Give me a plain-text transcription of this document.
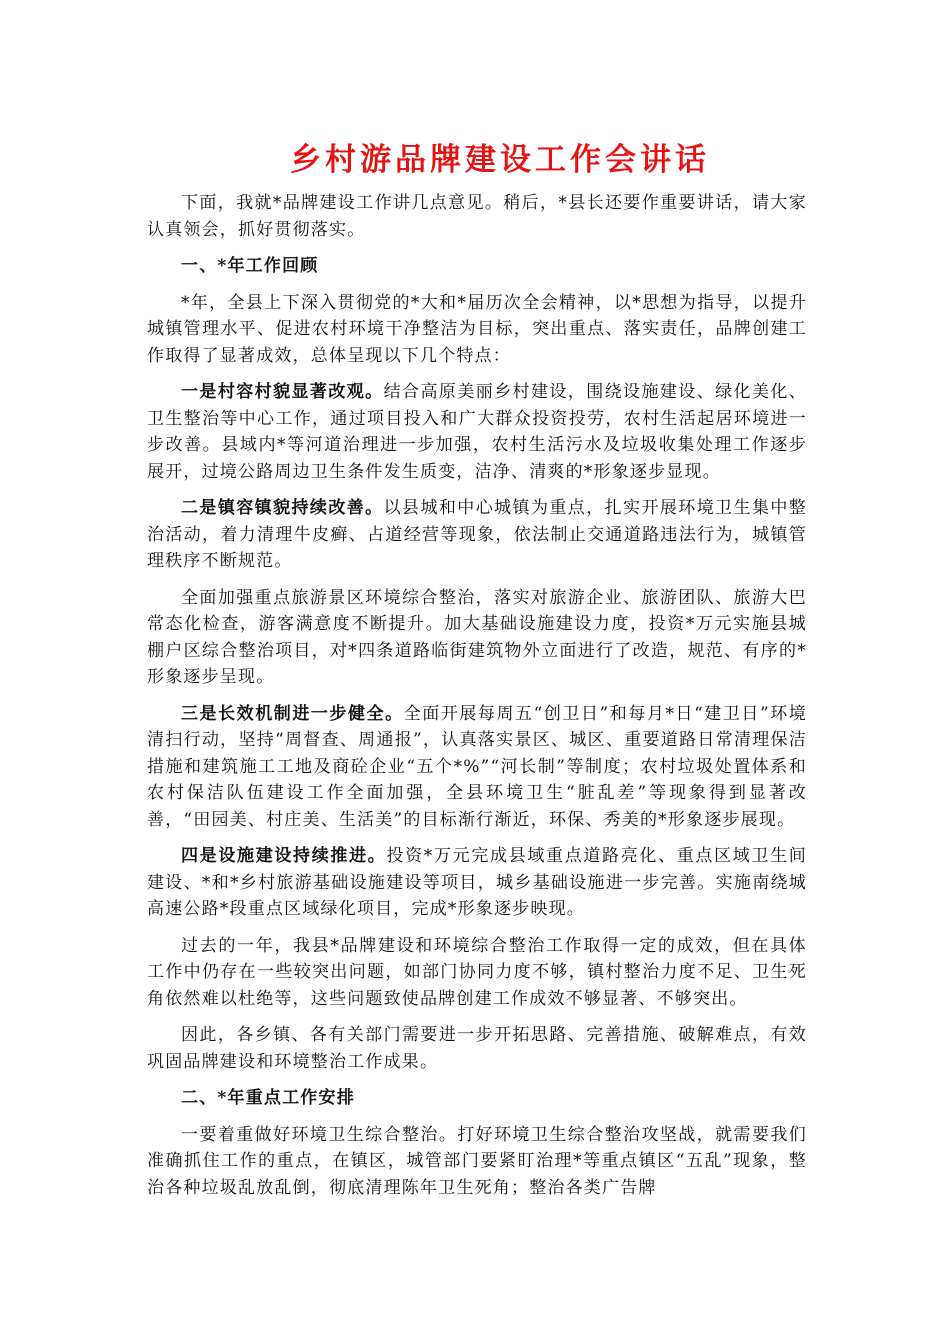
乡村游品牌建设工作会讲话

下面，我就*品牌建设工作讲几点意见。稍后，*县长还要作重要讲话，请大家认真领会，抓好贯彻落实。

一、*年工作回顾

*年，全县上下深入贯彻党的*大和*届历次全会精神，以*思想为指导，以提升城镇管理水平、促进农村环境干净整洁为目标，突出重点、落实责任，品牌创建工作取得了显著成效，总体呈现以下几个特点：

一是村容村貌显著改观。结合高原美丽乡村建设，围绕设施建设、绿化美化、卫生整治等中心工作，通过项目投入和广大群众投资投劳，农村生活起居环境进一步改善。县域内*等河道治理进一步加强，农村生活污水及垃圾收集处理工作逐步展开，过境公路周边卫生条件发生质变，洁净、清爽的*形象逐步显现。

二是镇容镇貌持续改善。以县城和中心城镇为重点，扎实开展环境卫生集中整治活动，着力清理牛皮癣、占道经营等现象，依法制止交通道路违法行为，城镇管理秩序不断规范。

全面加强重点旅游景区环境综合整治，落实对旅游企业、旅游团队、旅游大巴常态化检查，游客满意度不断提升。加大基础设施建设力度，投资*万元实施县城棚户区综合整治项目，对*四条道路临街建筑物外立面进行了改造，规范、有序的*形象逐步呈现。

三是长效机制进一步健全。全面开展每周五“创卫日”和每月*日“建卫日”环境清扫行动，坚持“周督查、周通报”，认真落实景区、城区、重要道路日常清理保洁措施和建筑施工工地及商砼企业“五个*%”“河长制”等制度；农村垃圾处置体系和农村保洁队伍建设工作全面加强，全县环境卫生“脏乱差”等现象得到显著改善，“田园美、村庄美、生活美”的目标渐行渐近，环保、秀美的*形象逐步展现。

四是设施建设持续推进。投资*万元完成县域重点道路亮化、重点区域卫生间建设、*和*乡村旅游基础设施建设等项目，城乡基础设施进一步完善。实施南绕城高速公路*段重点区域绿化项目，完成*形象逐步映现。

过去的一年，我县*品牌建设和环境综合整治工作取得一定的成效，但在具体工作中仍存在一些较突出问题，如部门协同力度不够，镇村整治力度不足、卫生死角依然难以杜绝等，这些问题致使品牌创建工作成效不够显著、不够突出。

因此，各乡镇、各有关部门需要进一步开拓思路、完善措施、破解难点，有效巩固品牌建设和环境整治工作成果。

二、*年重点工作安排

一要着重做好环境卫生综合整治。打好环境卫生综合整治攻坚战，就需要我们准确抓住工作的重点，在镇区，城管部门要紧盯治理*等重点镇区“五乱”现象，整治各种垃圾乱放乱倒，彻底清理陈年卫生死角；整治各类广告牌
